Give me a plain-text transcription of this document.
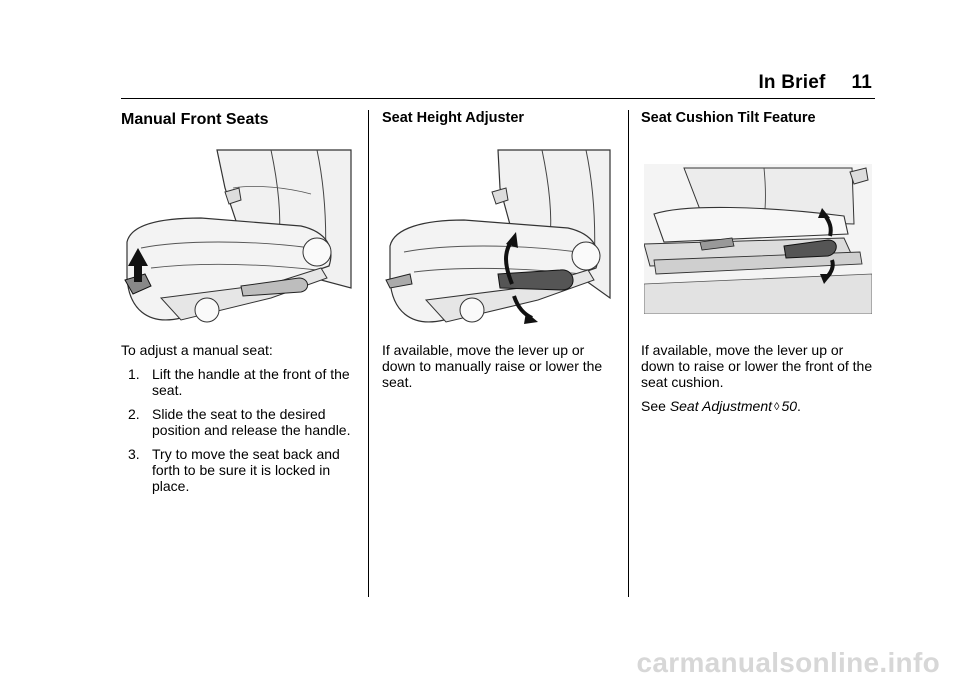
In Brief 11
Manual Front Seats

To adjust a manual seat:

1. Lift the handle at the front of the seat.
2. Slide the seat to the desired position and release the handle.
3. Try to move the seat back and forth to be sure it is locked in place.
Seat Height Adjuster

If available, move the lever up or down to manually raise or lower the seat.

Seat Cushion Tilt Feature

If available, move the lever up or down to raise or lower the front of the seat cushion.

See Seat Adjustment ◊ 50.

carmanualsonline.info
